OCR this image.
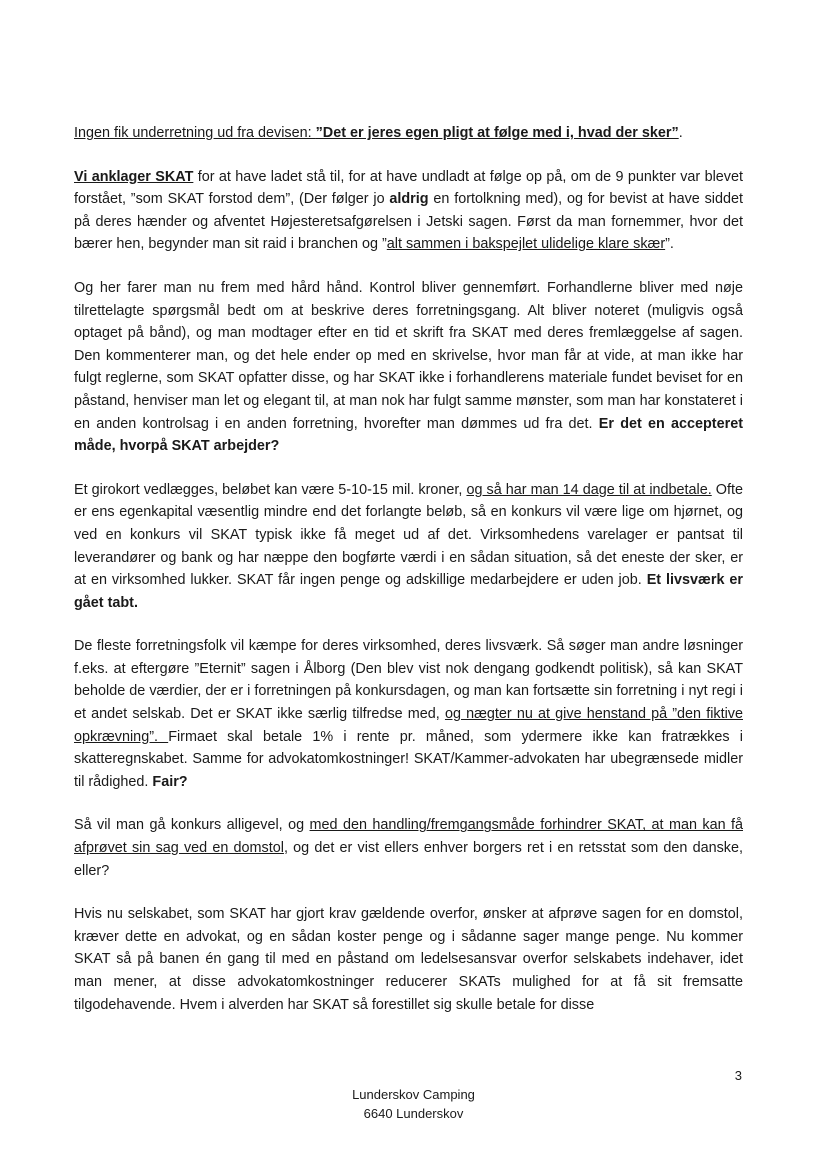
Ingen fik underretning ud fra devisen: ”Det er jeres egen pligt at følge med i, hvad der sker”.

Vi anklager SKAT for at have ladet stå til, for at have undladt at følge op på, om de 9 punkter var blevet forstået, ”som SKAT forstod dem”, (Der følger jo aldrig en fortolkning med), og for bevist at have siddet på deres hænder og afventet Højesteretsafgørelsen i Jetski sagen. Først da man fornemmer, hvor det bærer hen, begynder man sit raid i branchen og ”alt sammen i bakspejlet ulidelige klare skær”.

Og her farer man nu frem med hård hånd. Kontrol bliver gennemført. Forhandlerne bliver med nøje tilrettelagte spørgsmål bedt om at beskrive deres forretningsgang. Alt bliver noteret (muligvis også optaget på bånd), og man modtager efter en tid et skrift fra SKAT med deres fremlæggelse af sagen. Den kommenterer man, og det hele ender op med en skrivelse, hvor man får at vide, at man ikke har fulgt reglerne, som SKAT opfatter disse, og har SKAT ikke i forhandlerens materiale fundet beviset for en påstand, henviser man let og elegant til, at man nok har fulgt samme mønster, som man har konstateret i en anden kontrolsag i en anden forretning, hvorefter man dømmes ud fra det. Er det en accepteret måde, hvorpå SKAT arbejder?

Et girokort vedlægges, beløbet kan være 5-10-15 mil. kroner, og så har man 14 dage til at indbetale. Ofte er ens egenkapital væsentlig mindre end det forlangte beløb, så en konkurs vil være lige om hjørnet, og ved en konkurs vil SKAT typisk ikke få meget ud af det. Virksomhedens varelager er pantsat til leverandører og bank og har næppe den bogførte værdi i en sådan situation, så det eneste der sker, er at en virksomhed lukker. SKAT får ingen penge og adskillige medarbejdere er uden job. Et livsværk er gået tabt.

De fleste forretningsfolk vil kæmpe for deres virksomhed, deres livsværk. Så søger man andre løsninger f.eks. at eftergøre ”Eternit” sagen i Ålborg (Den blev vist nok dengang godkendt politisk), så kan SKAT beholde de værdier, der er i forretningen på konkursdagen, og man kan fortsætte sin forretning i nyt regi i et andet selskab. Det er SKAT ikke særlig tilfredse med, og nægter nu at give henstand på ”den fiktive opkrævning”. Firmaet skal betale 1% i rente pr. måned, som ydermere ikke kan fratrækkes i skatteregnskabet. Samme for advokatomkostninger! SKAT/Kammer-advokaten har ubegrænsede midler til rådighed. Fair?

Så vil man gå konkurs alligevel, og med den handling/fremgangsmåde forhindrer SKAT, at man kan få afprøvet sin sag ved en domstol, og det er vist ellers enhver borgers ret i en retsstat som den danske, eller?

Hvis nu selskabet, som SKAT har gjort krav gældende overfor, ønsker at afprøve sagen for en domstol, kræver dette en advokat, og en sådan koster penge og i sådanne sager mange penge. Nu kommer SKAT så på banen én gang til med en påstand om ledelsesansvar overfor selskabets indehaver, idet man mener, at disse advokatomkostninger reducerer SKATs mulighed for at få sit fremsatte tilgodehavende. Hvem i alverden har SKAT så forestillet sig skulle betale for disse

3
Lunderskov Camping
6640 Lunderskov
